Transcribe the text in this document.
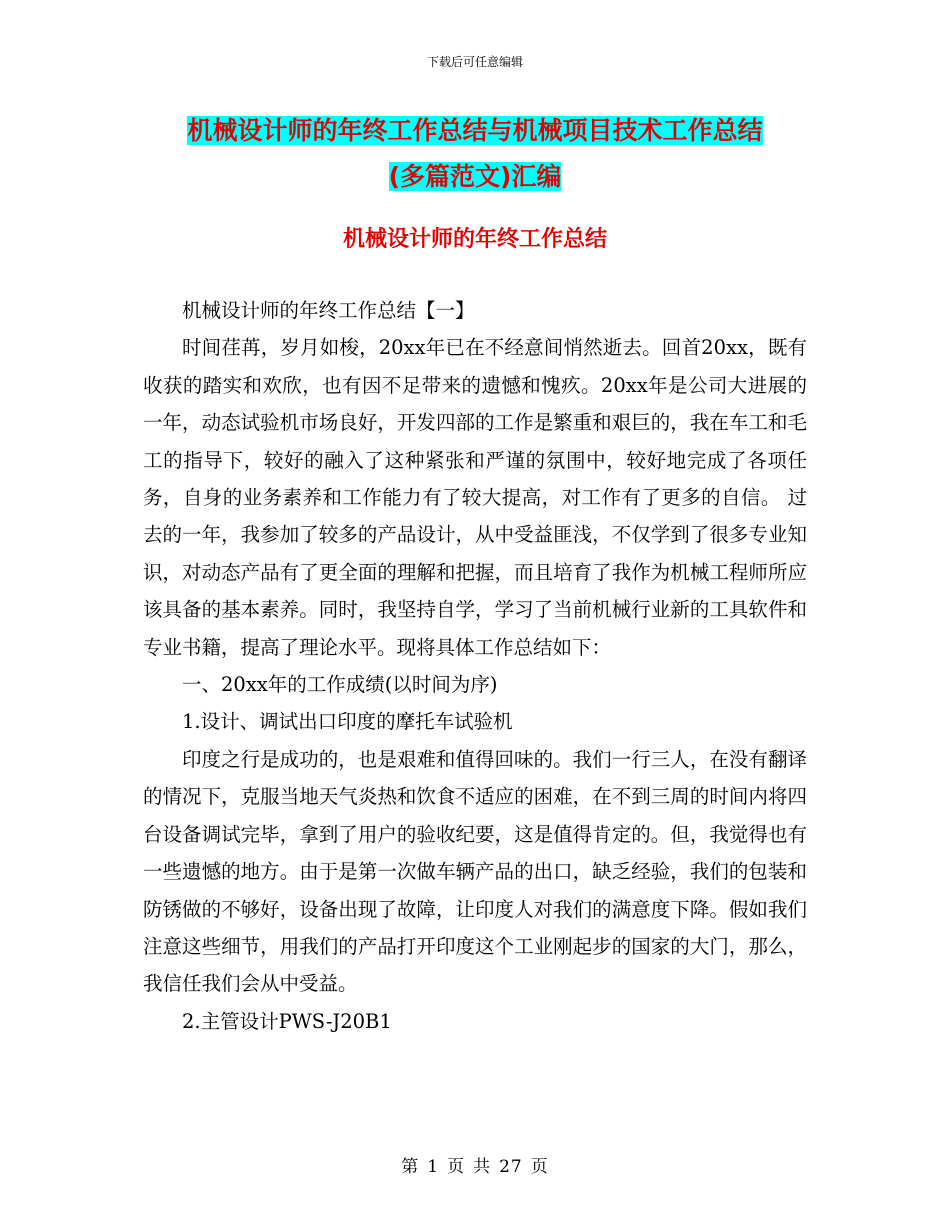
下载后可任意编辑
机械设计师的年终工作总结与机械项目技术工作总结
(多篇范文)汇编
机械设计师的年终工作总结

机械设计师的年终工作总结【一】

时间荏苒，岁月如梭，20xx年已在不经意间悄然逝去。回首20xx，既有收获的踏实和欢欣，也有因不足带来的遗憾和愧疚。20xx年是公司大进展的一年，动态试验机市场良好，开发四部的工作是繁重和艰巨的，我在车工和毛工的指导下，较好的融入了这种紧张和严谨的氛围中，较好地完成了各项任务，自身的业务素养和工作能力有了较大提高，对工作有了更多的自信。 过去的一年，我参加了较多的产品设计，从中受益匪浅，不仅学到了很多专业知识，对动态产品有了更全面的理解和把握，而且培育了我作为机械工程师所应该具备的基本素养。同时，我坚持自学，学习了当前机械行业新的工具软件和专业书籍，提高了理论水平。现将具体工作总结如下：

一、20xx年的工作成绩(以时间为序)

1.设计、调试出口印度的摩托车试验机

印度之行是成功的，也是艰难和值得回味的。我们一行三人，在没有翻译的情况下，克服当地天气炎热和饮食不适应的困难，在不到三周的时间内将四台设备调试完毕，拿到了用户的验收纪要，这是值得肯定的。但，我觉得也有一些遗憾的地方。由于是第一次做车辆产品的出口，缺乏经验，我们的包装和防锈做的不够好，设备出现了故障，让印度人对我们的满意度下降。假如我们注意这些细节，用我们的产品打开印度这个工业刚起步的国家的大门，那么，我信任我们会从中受益。

2.主管设计PWS-J20B1

第 1 页 共 27 页
